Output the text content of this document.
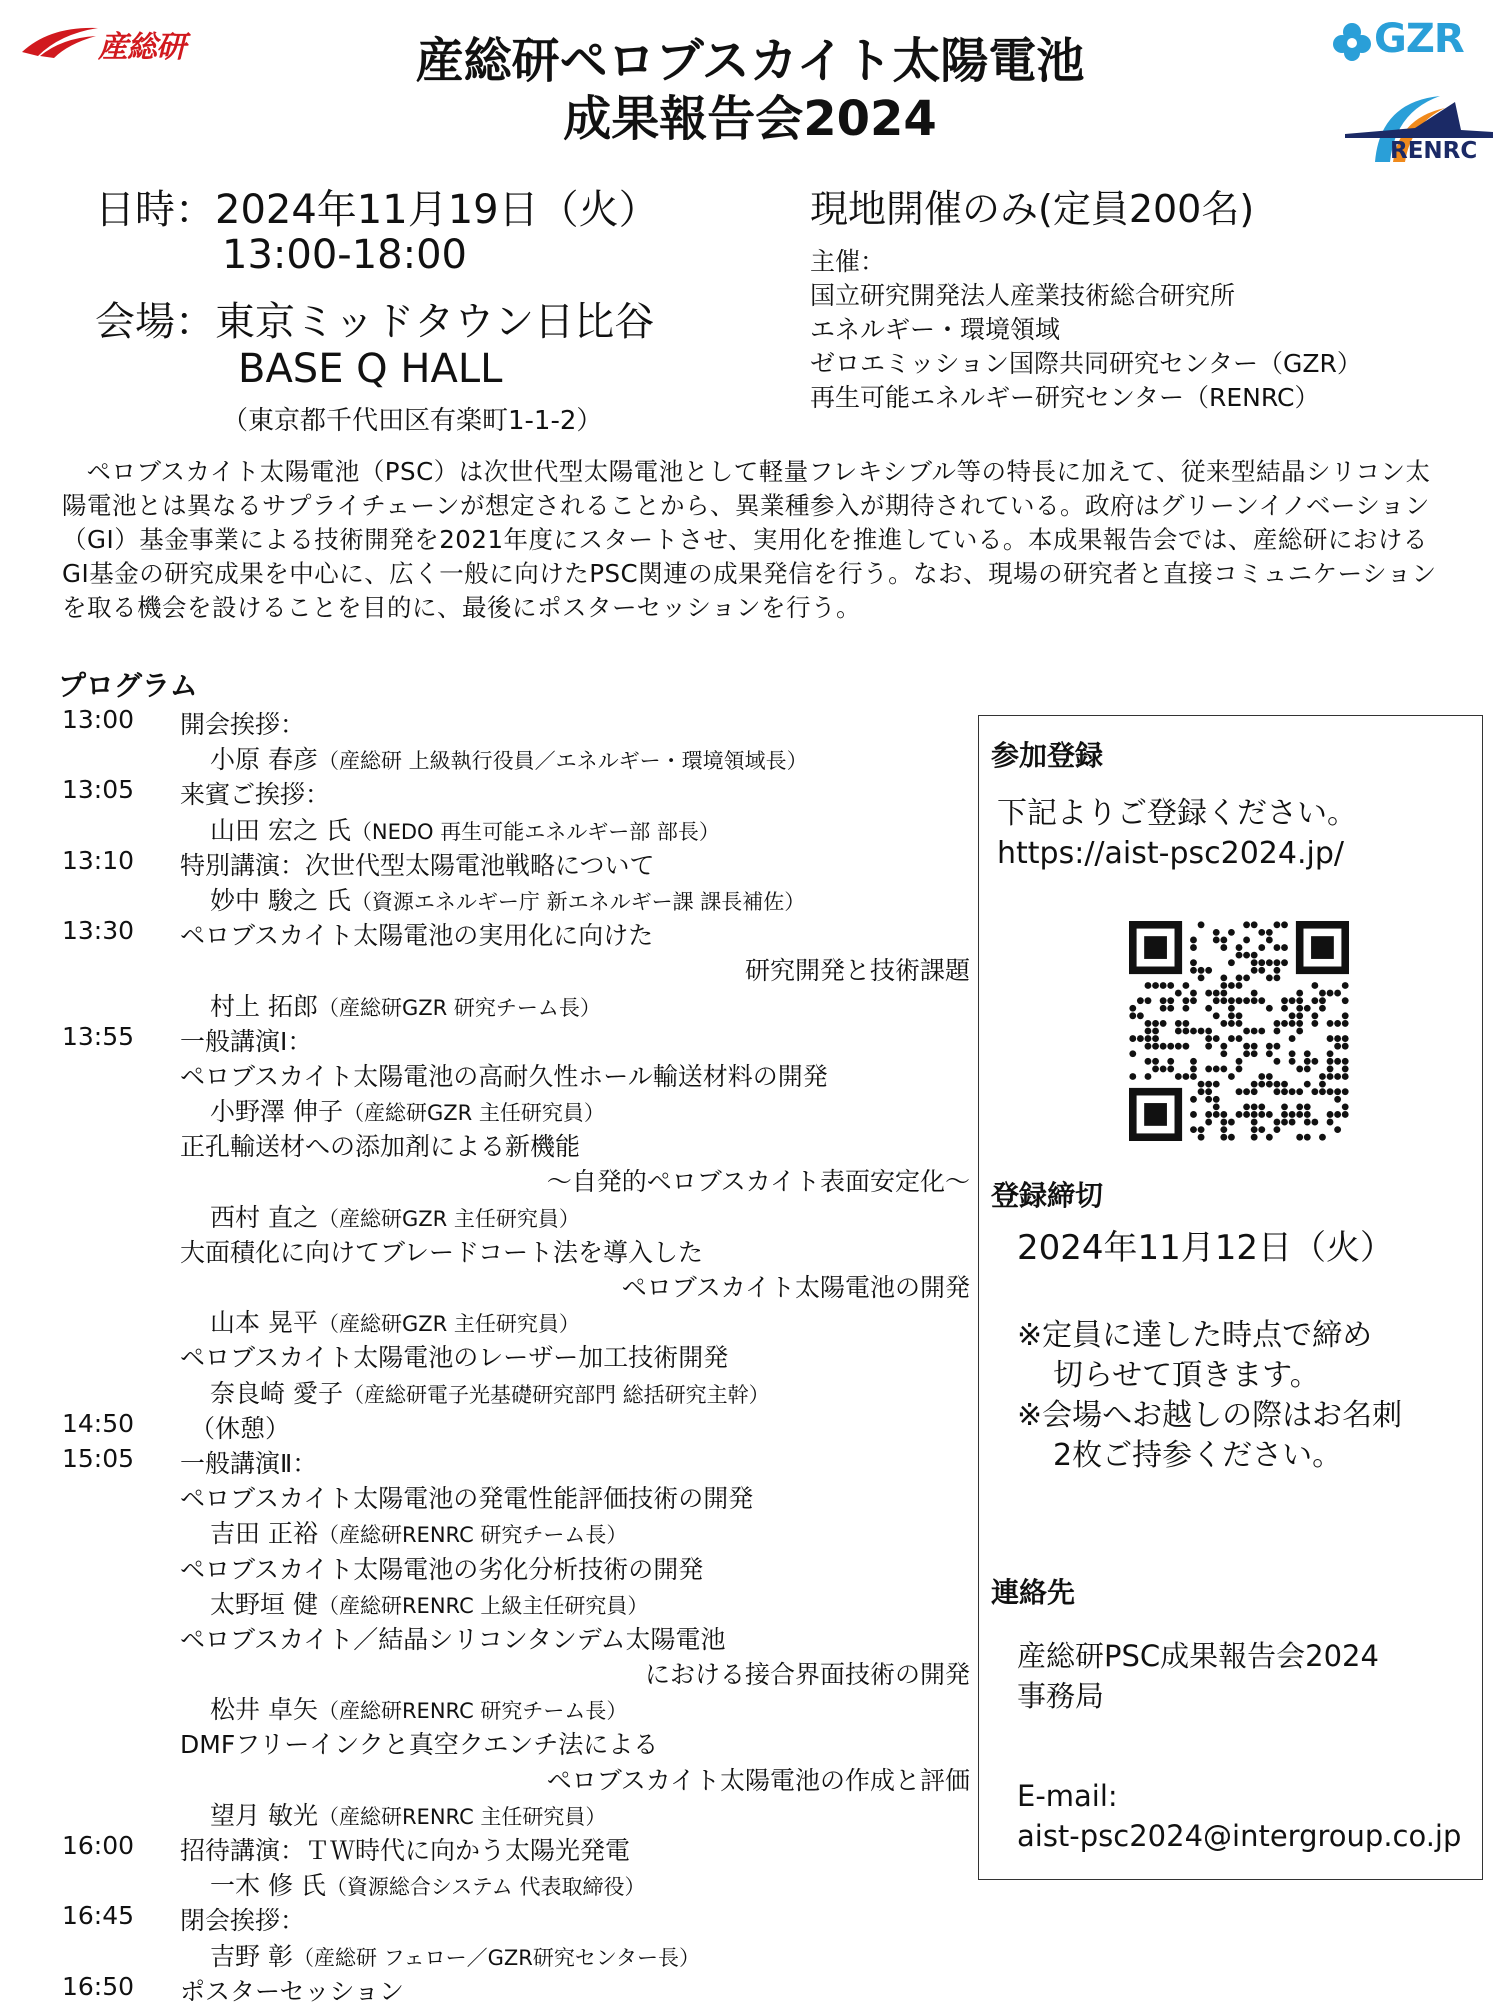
産総研	GZR
RENRC
産総研ペロブスカイト太陽電池
成果報告会2024
日時：2024年11月19日（火）
13:00-18:00
会場：東京ミッドタウン日比谷
BASE Q HALL
（東京都千代田区有楽町1-1-2）
現地開催のみ(定員200名)
主催：
国立研究開発法人産業技術総合研究所
エネルギー・環境領域
ゼロエミッション国際共同研究センター（GZR）
再生可能エネルギー研究センター（RENRC）
ペロブスカイト太陽電池（PSC）は次世代型太陽電池として軽量フレキシブル等の特長に加えて、従来型結晶シリコン太陽電池とは異なるサプライチェーンが想定されることから、異業種参入が期待されている。政府はグリーンイノベーション（GI）基金事業による技術開発を2021年度にスタートさせ、実用化を推進している。本成果報告会では、産総研におけるGI基金の研究成果を中心に、広く一般に向けたPSC関連の成果発信を行う。なお、現場の研究者と直接コミュニケーションを取る機会を設けることを目的に、最後にポスターセッションを行う。
プログラム
13:00 開会挨拶：
小原 春彦（産総研 上級執行役員／エネルギー・環境領域長）
13:05 来賓ご挨拶：
山田 宏之 氏（NEDO 再生可能エネルギー部 部長）
13:10 特別講演：次世代型太陽電池戦略について
妙中 駿之 氏（資源エネルギー庁 新エネルギー課 課長補佐）
13:30 ペロブスカイト太陽電池の実用化に向けた
研究開発と技術課題
村上 拓郎（産総研GZR 研究チーム長）
13:55 一般講演Ⅰ：
ペロブスカイト太陽電池の高耐久性ホール輸送材料の開発
小野澤 伸子（産総研GZR 主任研究員）
正孔輸送材への添加剤による新機能
～自発的ペロブスカイト表面安定化～
西村 直之（産総研GZR 主任研究員）
大面積化に向けてブレードコート法を導入した
ペロブスカイト太陽電池の開発
山本 晃平（産総研GZR 主任研究員）
ペロブスカイト太陽電池のレーザー加工技術開発
奈良崎 愛子（産総研電子光基礎研究部門 総括研究主幹）
14:50 （休憩）
15:05 一般講演Ⅱ：
ペロブスカイト太陽電池の発電性能評価技術の開発
吉田 正裕（産総研RENRC 研究チーム長）
ペロブスカイト太陽電池の劣化分析技術の開発
太野垣 健（産総研RENRC 上級主任研究員）
ペロブスカイト／結晶シリコンタンデム太陽電池
における接合界面技術の開発
松井 卓矢（産総研RENRC 研究チーム長）
DMFフリーインクと真空クエンチ法による
ペロブスカイト太陽電池の作成と評価
望月 敏光（産総研RENRC 主任研究員）
16:00 招待講演：ＴＷ時代に向かう太陽光発電
一木 修 氏（資源総合システム 代表取締役）
16:45 閉会挨拶：
吉野 彰（産総研 フェロー／GZR研究センター長）
16:50 ポスターセッション
参加登録
下記よりご登録ください。
https://aist-psc2024.jp/
登録締切
2024年11月12日（火）
※定員に達した時点で締め
切らせて頂きます。
※会場へお越しの際はお名刺
2枚ご持参ください。
連絡先
産総研PSC成果報告会2024
事務局
E-mail:
aist-psc2024@intergroup.co.jp
